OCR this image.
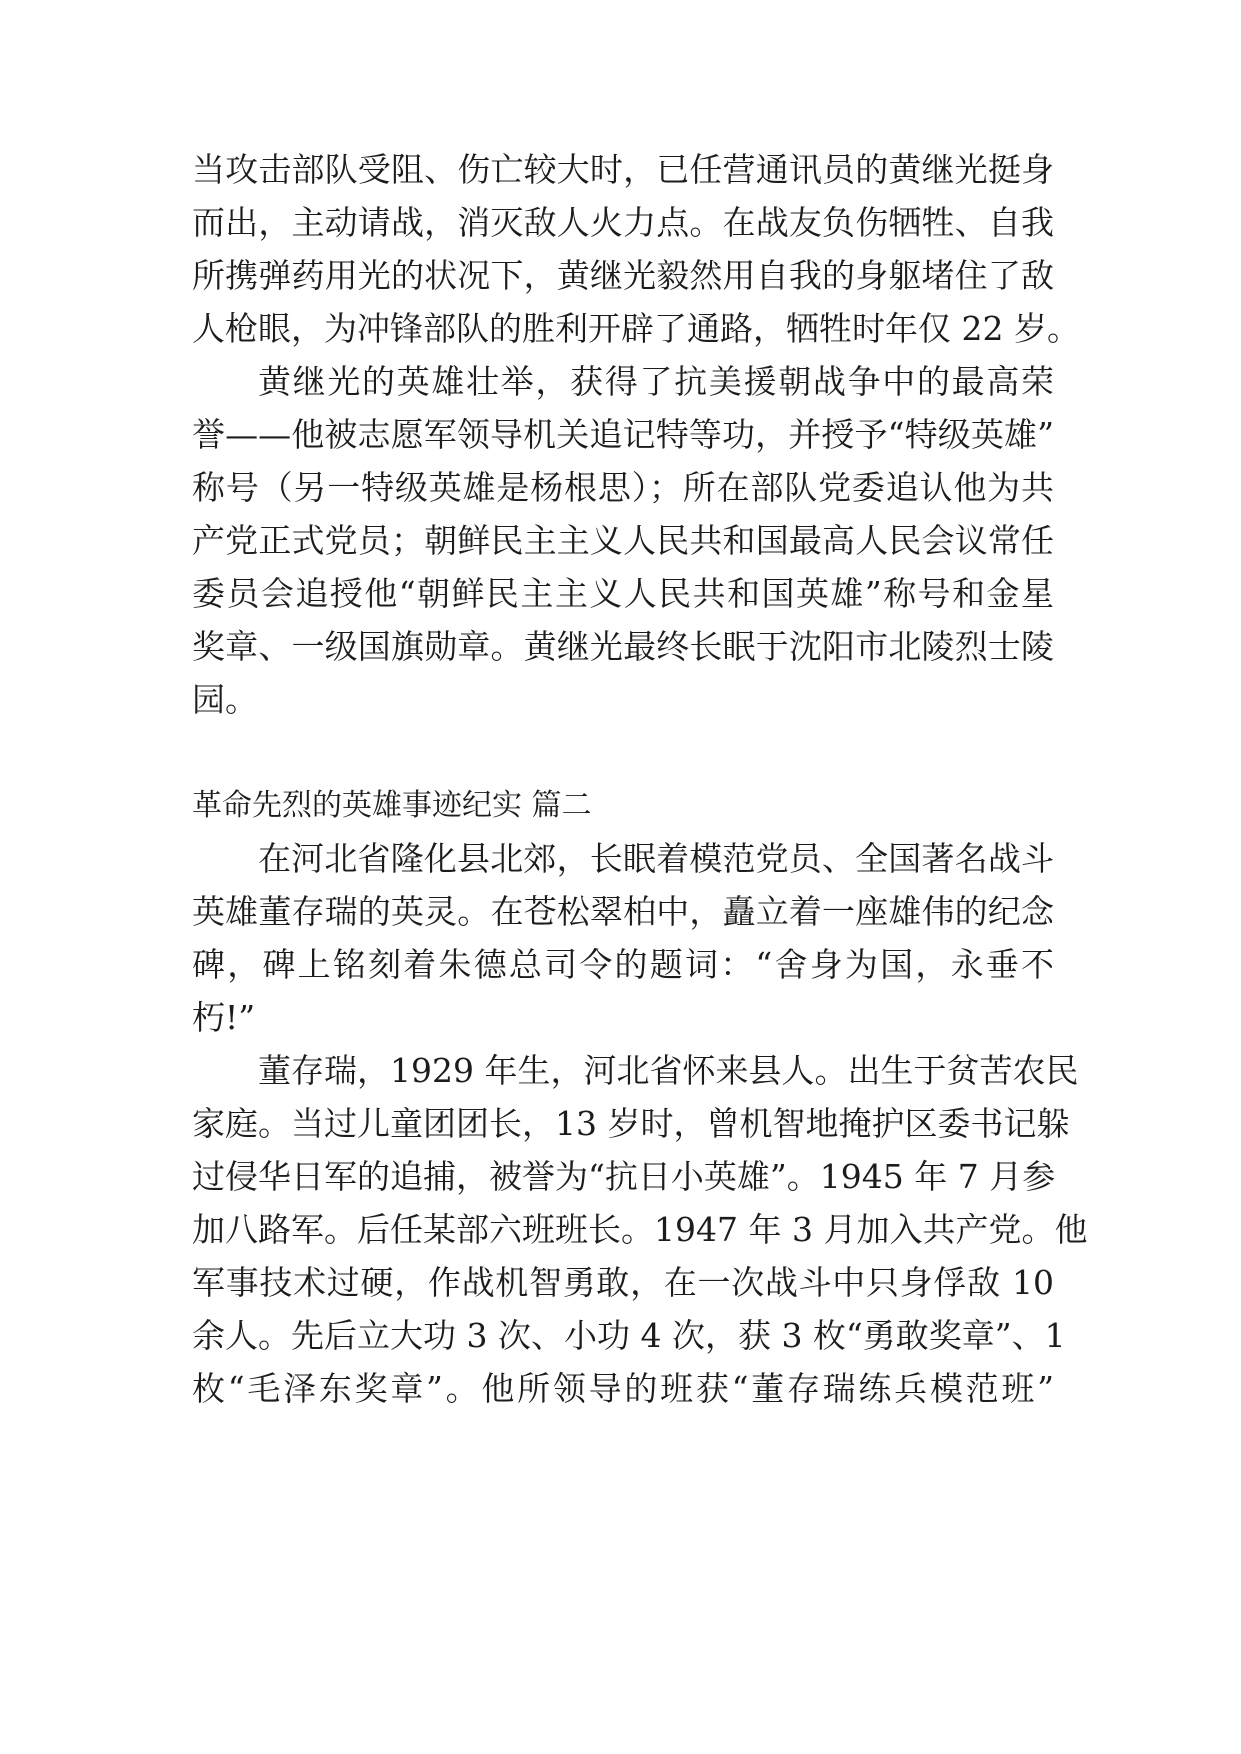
当攻击部队受阻、伤亡较大时，已任营通讯员的黄继光挺身
而出，主动请战，消灭敌人火力点。在战友负伤牺牲、自我
所携弹药用光的状况下，黄继光毅然用自我的身躯堵住了敌
人枪眼，为冲锋部队的胜利开辟了通路，牺牲时年仅 22 岁。
黄继光的英雄壮举，获得了抗美援朝战争中的最高荣
誉——他被志愿军领导机关追记特等功，并授予“特级英雄”
称号（另一特级英雄是杨根思）；所在部队党委追认他为共
产党正式党员；朝鲜民主主义人民共和国最高人民会议常任
委员会追授他“朝鲜民主主义人民共和国英雄”称号和金星
奖章、一级国旗勋章。黄继光最终长眠于沈阳市北陵烈士陵
园。
革命先烈的英雄事迹纪实 篇二
在河北省隆化县北郊，长眠着模范党员、全国著名战斗
英雄董存瑞的英灵。在苍松翠柏中，矗立着一座雄伟的纪念
碑，碑上铭刻着朱德总司令的题词：“舍身为国，永垂不
朽!”
董存瑞，1929 年生，河北省怀来县人。出生于贫苦农民
家庭。当过儿童团团长，13 岁时，曾机智地掩护区委书记躲
过侵华日军的追捕，被誉为“抗日小英雄”。1945 年 7 月参
加八路军。后任某部六班班长。1947 年 3 月加入共产党。他
军事技术过硬，作战机智勇敢，在一次战斗中只身俘敌 10
余人。先后立大功 3 次、小功 4 次，获 3 枚“勇敢奖章”、1
枚“毛泽东奖章”。他所领导的班获“董存瑞练兵模范班”
